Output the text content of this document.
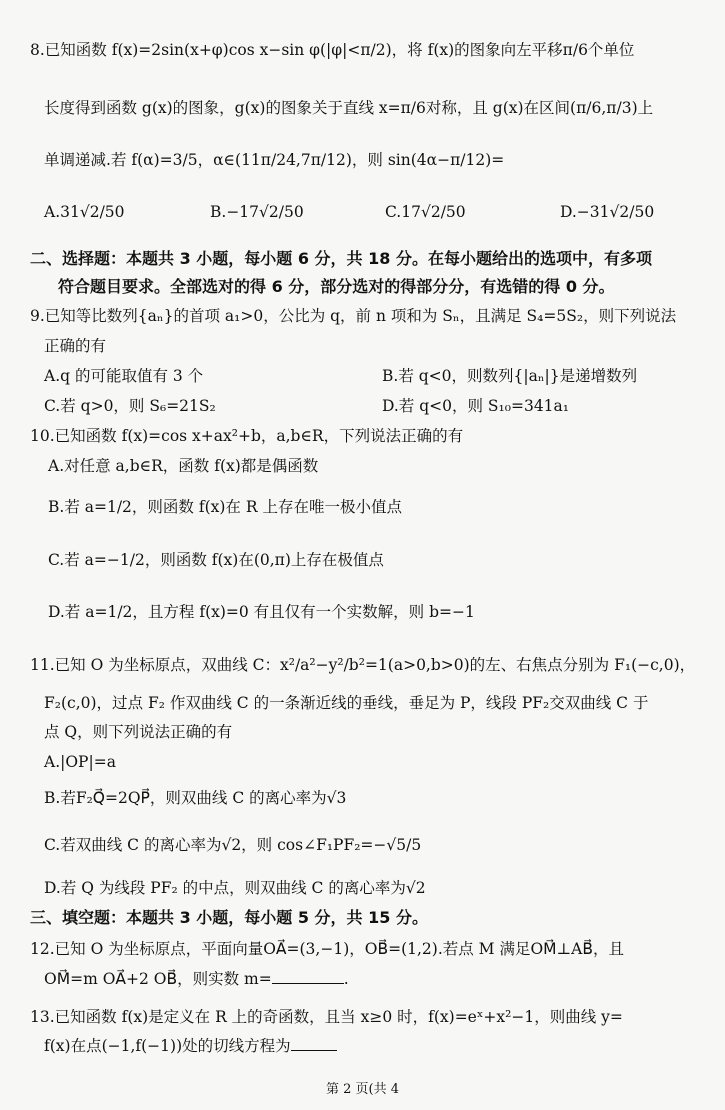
8.已知函数 f(x)=2sin(x+φ)cos x−sin φ(|φ|<π/2)，将 f(x)的图象向左平移π/6个单位
长度得到函数 g(x)的图象，g(x)的图象关于直线 x=π/6对称，且 g(x)在区间(π/6,π/3)上
单调递减.若 f(α)=3/5，α∈(11π/24,7π/12)，则 sin(4α−π/12)=
A.31√2/50	B.−17√2/50	C.17√2/50	D.−31√2/50
二、选择题：本题共 3 小题，每小题 6 分，共 18 分。在每小题给出的选项中，有多项
符合题目要求。全部选对的得 6 分，部分选对的得部分分，有选错的得 0 分。
9.已知等比数列{aₙ}的首项 a₁>0，公比为 q，前 n 项和为 Sₙ，且满足 S₄=5S₂，则下列说法
正确的有
A.q 的可能取值有 3 个	B.若 q<0，则数列{|aₙ|}是递增数列
C.若 q>0，则 S₆=21S₂	D.若 q<0，则 S₁₀=341a₁
10.已知函数 f(x)=cos x+ax²+b，a,b∈R，下列说法正确的有
A.对任意 a,b∈R，函数 f(x)都是偶函数
B.若 a=1/2，则函数 f(x)在 R 上存在唯一极小值点
C.若 a=−1/2，则函数 f(x)在(0,π)上存在极值点
D.若 a=1/2，且方程 f(x)=0 有且仅有一个实数解，则 b=−1
11.已知 O 为坐标原点，双曲线 C：x²/a²−y²/b²=1(a>0,b>0)的左、右焦点分别为 F₁(−c,0)，
F₂(c,0)，过点 F₂ 作双曲线 C 的一条渐近线的垂线，垂足为 P，线段 PF₂交双曲线 C 于
点 Q，则下列说法正确的有
A.|OP|=a
B.若F₂Q⃗=2QP⃗，则双曲线 C 的离心率为√3
C.若双曲线 C 的离心率为√2，则 cos∠F₁PF₂=−√5/5
D.若 Q 为线段 PF₂ 的中点，则双曲线 C 的离心率为√2
三、填空题：本题共 3 小题，每小题 5 分，共 15 分。
12.已知 O 为坐标原点，平面向量OA⃗=(3,−1)，OB⃗=(1,2).若点 M 满足OM⃗⊥AB⃗，且
OM⃗=m OA⃗+2 OB⃗，则实数 m=	.
13.已知函数 f(x)是定义在 R 上的奇函数，且当 x≥0 时，f(x)=eˣ+x²−1，则曲线 y=
f(x)在点(−1,f(−1))处的切线方程为
第 2 页(共 4
